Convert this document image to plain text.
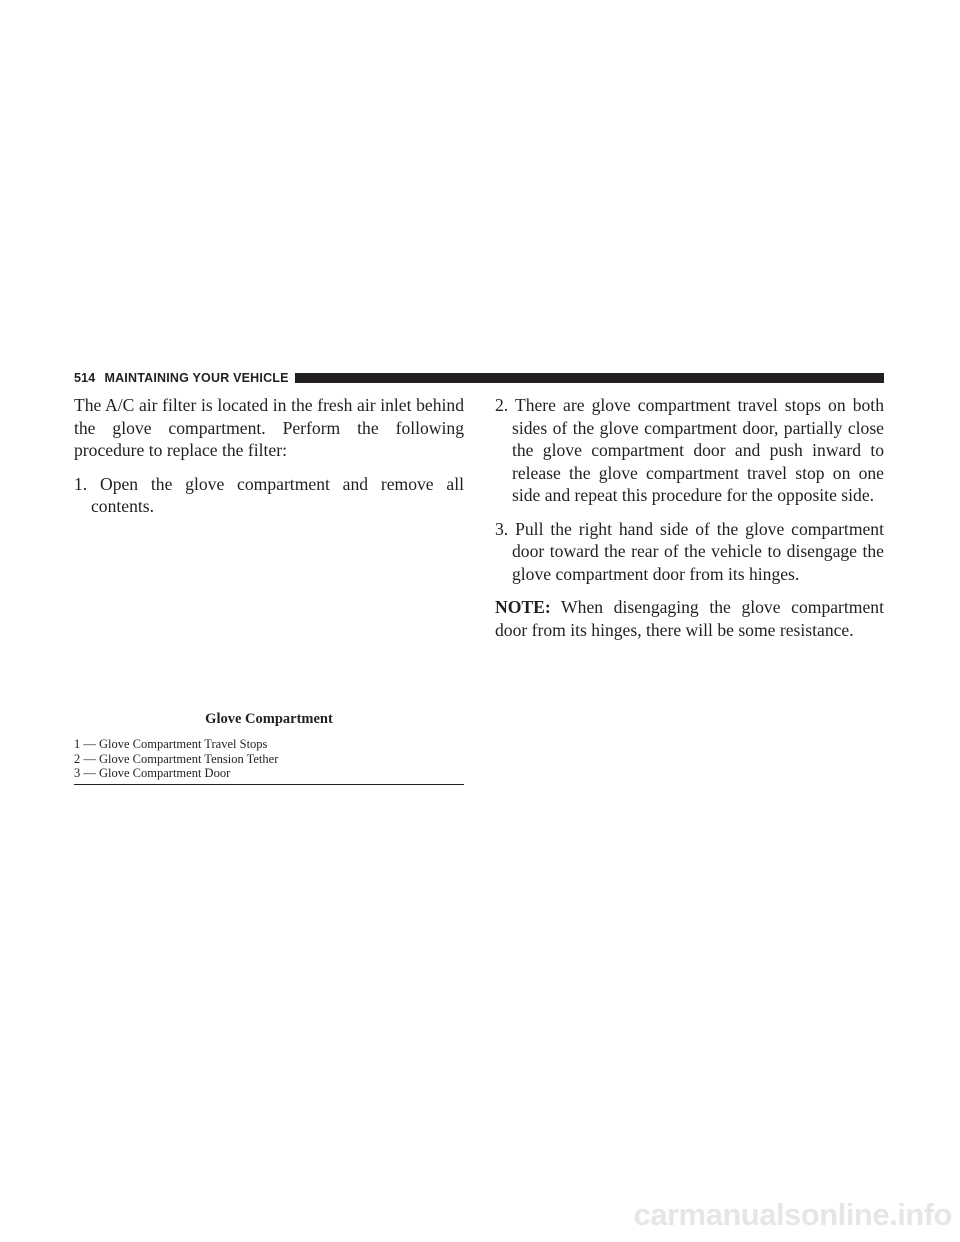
514 MAINTAINING YOUR VEHICLE

The A/C air filter is located in the fresh air inlet behind the glove compartment. Perform the following procedure to replace the filter:

1. Open the glove compartment and remove all contents.

Glove Compartment
1 — Glove Compartment Travel Stops
2 — Glove Compartment Tension Tether
3 — Glove Compartment Door

2. There are glove compartment travel stops on both sides of the glove compartment door, partially close the glove compartment door and push inward to release the glove compartment travel stop on one side and repeat this procedure for the opposite side.

3. Pull the right hand side of the glove compartment door toward the rear of the vehicle to disengage the glove compartment door from its hinges.

NOTE: When disengaging the glove compartment door from its hinges, there will be some resistance.

carmanualsonline.info
